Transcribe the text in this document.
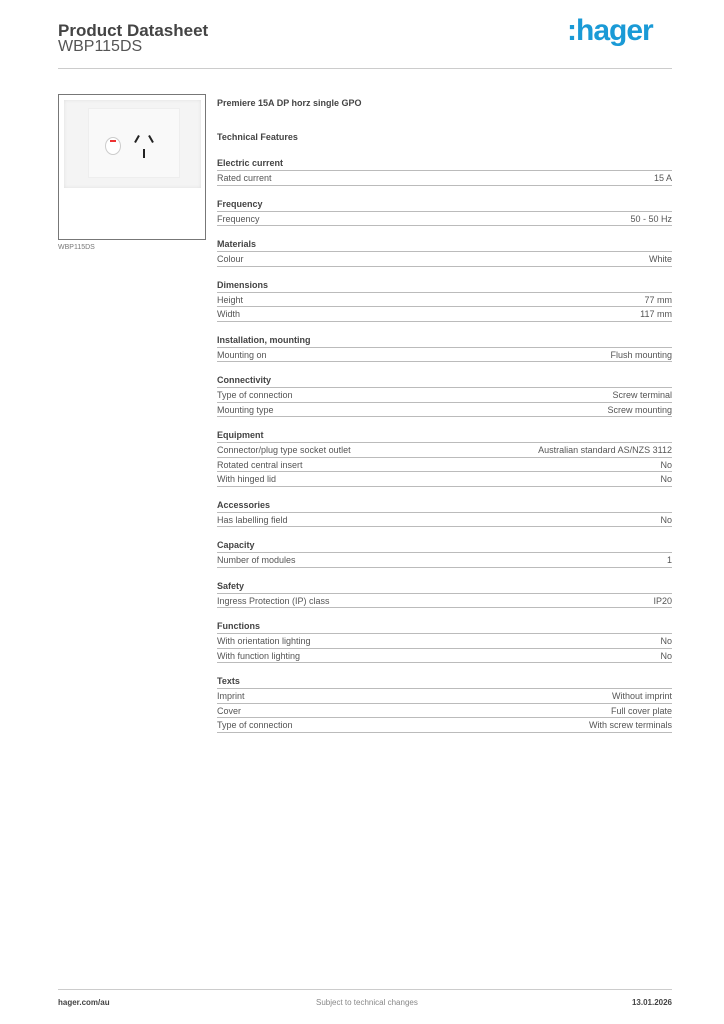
Product Datasheet
WBP115DS	:hager
WBP115DS
Premiere 15A DP horz single GPO
Technical Features
Electric current
Rated current	15 A
Frequency
Frequency	50 - 50 Hz
Materials
Colour	White
Dimensions
Height	77 mm
Width	117 mm
Installation, mounting
Mounting on	Flush mounting
Connectivity
Type of connection	Screw terminal
Mounting type	Screw mounting
Equipment
Connector/plug type socket outlet	Australian standard AS/NZS 3112
Rotated central insert	No
With hinged lid	No
Accessories
Has labelling field	No
Capacity
Number of modules	1
Safety
Ingress Protection (IP) class	IP20
Functions
With orientation lighting	No
With function lighting	No
Texts
Imprint	Without imprint
Cover	Full cover plate
Type of connection	With screw terminals
hager.com/au	Subject to technical changes	13.01.2026
